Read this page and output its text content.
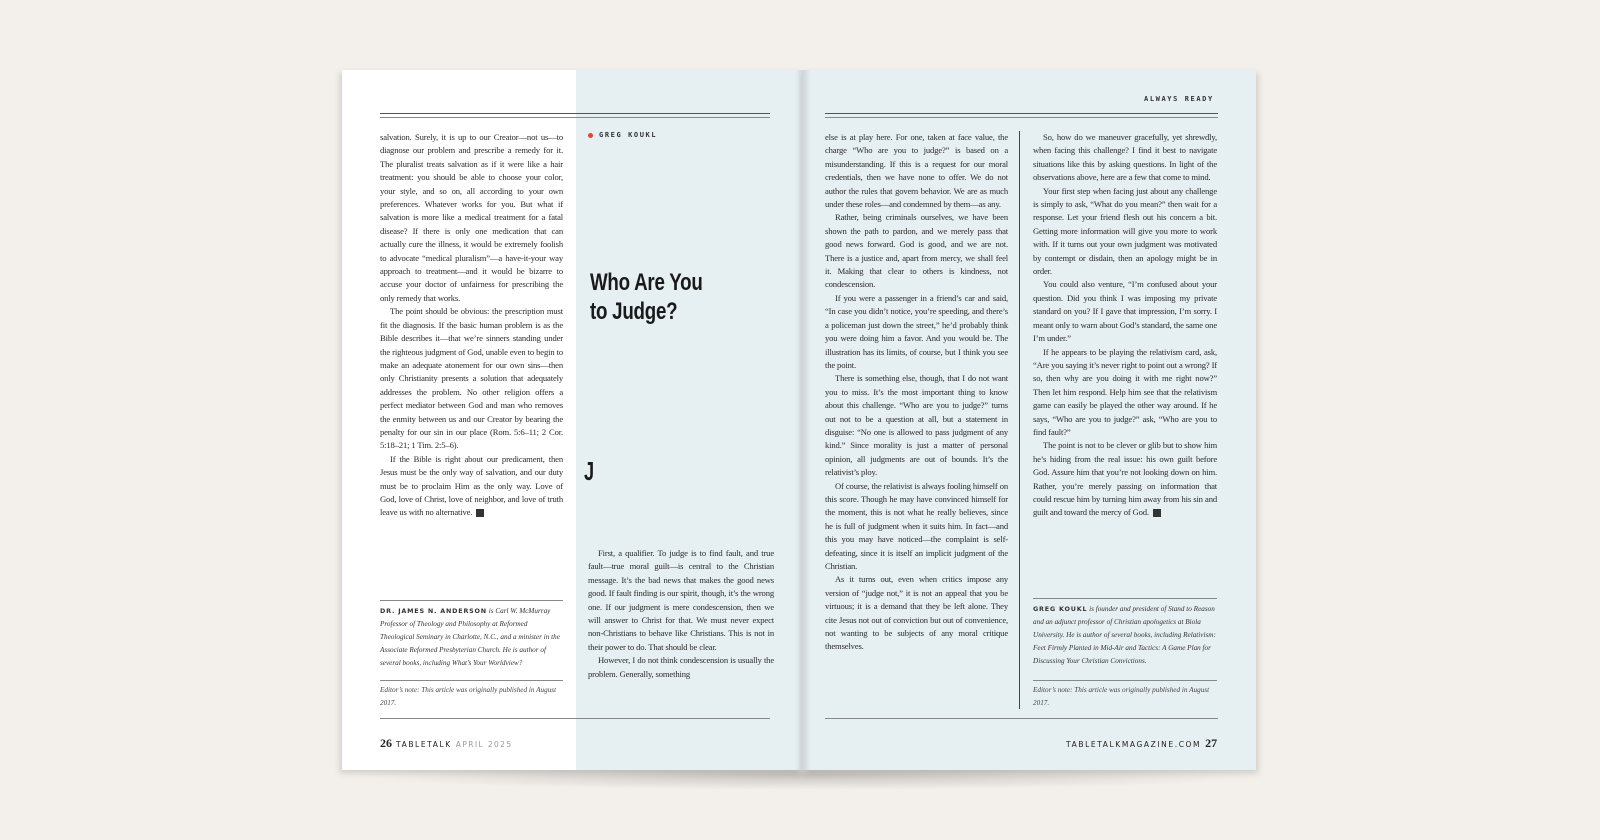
ALWAYS READY

salvation. Surely, it is up to our Creator—not us—to diagnose our problem and prescribe a remedy for it. The pluralist treats salvation as if it were like a hair treatment: you should be able to choose your color, your style, and so on, all according to your own preferences. Whatever works for you. But what if salvation is more like a medical treatment for a fatal disease? If there is only one medication that can actually cure the illness, it would be extremely foolish to advocate “medical pluralism”—a have-it-your way approach to treatment—and it would be bizarre to accuse your doctor of unfairness for prescribing the only remedy that works.

The point should be obvious: the prescription must fit the diagnosis. If the basic human problem is as the Bible describes it—that we’re sinners standing under the righteous judgment of God, unable even to begin to make an adequate atonement for our own sins—then only Christianity presents a solution that adequately addresses the problem. No other religion offers a perfect mediator between God and man who removes the enmity between us and our Creator by bearing the penalty for our sin in our place (Rom. 5:6–11; 2 Cor. 5:18–21; 1 Tim. 2:5–6).

If the Bible is right about our predicament, then Jesus must be the only way of salvation, and our duty must be to proclaim Him as the only way. Love of God, love of Christ, love of neighbor, and love of truth leave us with no alternative.

DR. JAMES N. ANDERSON is Carl W. McMurray Professor of Theology and Philosophy at Reformed Theological Seminary in Charlotte, N.C., and a minister in the Associate Reformed Presbyterian Church. He is author of several books, including What’s Your Worldview?
Editor’s note: This article was originally published in August 2017.
GREG KOUKL
Who Are You
to Judge?
J

First, a qualifier. To judge is to find fault, and true fault—true moral guilt—is central to the Christian message. It’s the bad news that makes the good news good. If fault finding is our spirit, though, it’s the wrong one. If our judgment is mere condescension, then we will answer to Christ for that. We must never expect non-Christians to behave like Christians. This is not in their power to do. That should be clear.

However, I do not think condescension is usually the problem. Generally, something

else is at play here. For one, taken at face value, the charge “Who are you to judge?” is based on a misunderstanding. If this is a request for our moral credentials, then we have none to offer. We do not author the rules that govern behavior. We are as much under these roles—and condemned by them—as any.

Rather, being criminals ourselves, we have been shown the path to pardon, and we merely pass that good news forward. God is good, and we are not. There is a justice and, apart from mercy, we shall feel it. Making that clear to others is kindness, not condescension.

If you were a passenger in a friend’s car and said, “In case you didn’t notice, you’re speeding, and there’s a policeman just down the street,” he’d probably think you were doing him a favor. And you would be. The illustration has its limits, of course, but I think you see the point.

There is something else, though, that I do not want you to miss. It’s the most important thing to know about this challenge. “Who are you to judge?” turns out not to be a question at all, but a statement in disguise: “No one is allowed to pass judgment of any kind.” Since morality is just a matter of personal opinion, all judgments are out of bounds. It’s the relativist’s ploy.

Of course, the relativist is always fooling himself on this score. Though he may have convinced himself for the moment, this is not what he really believes, since he is full of judgment when it suits him. In fact—and this you may have noticed—the complaint is self-defeating, since it is itself an implicit judgment of the Christian.

As it turns out, even when critics impose any version of “judge not,” it is not an appeal that you be virtuous; it is a demand that they be left alone. They cite Jesus not out of conviction but out of convenience, not wanting to be subjects of any moral critique themselves.

So, how do we maneuver gracefully, yet shrewdly, when facing this challenge? I find it best to navigate situations like this by asking questions. In light of the observations above, here are a few that come to mind.

Your first step when facing just about any challenge is simply to ask, “What do you mean?” then wait for a response. Let your friend flesh out his concern a bit. Getting more information will give you more to work with. If it turns out your own judgment was motivated by contempt or disdain, then an apology might be in order.

You could also venture, “I’m confused about your question. Did you think I was imposing my private standard on you? If I gave that impression, I’m sorry. I meant only to warn about God’s standard, the same one I’m under.”

If he appears to be playing the relativism card, ask, “Are you saying it’s never right to point out a wrong? If so, then why are you doing it with me right now?” Then let him respond. Help him see that the relativism game can easily be played the other way around. If he says, “Who are you to judge?” ask, “Who are you to find fault?”

The point is not to be clever or glib but to show him he’s hiding from the real issue: his own guilt before God. Assure him that you’re not looking down on him. Rather, you’re merely passing on information that could rescue him by turning him away from his sin and guilt and toward the mercy of God.

GREG KOUKL is founder and president of Stand to Reason and an adjunct professor of Christian apologetics at Biola University. He is author of several books, including Relativism: Feet Firmly Planted in Mid-Air and Tactics: A Game Plan for Discussing Your Christian Convictions.
Editor’s note: This article was originally published in August 2017.
26 TABLETALK APRIL 2025	TABLETALKMAGAZINE.COM 27
